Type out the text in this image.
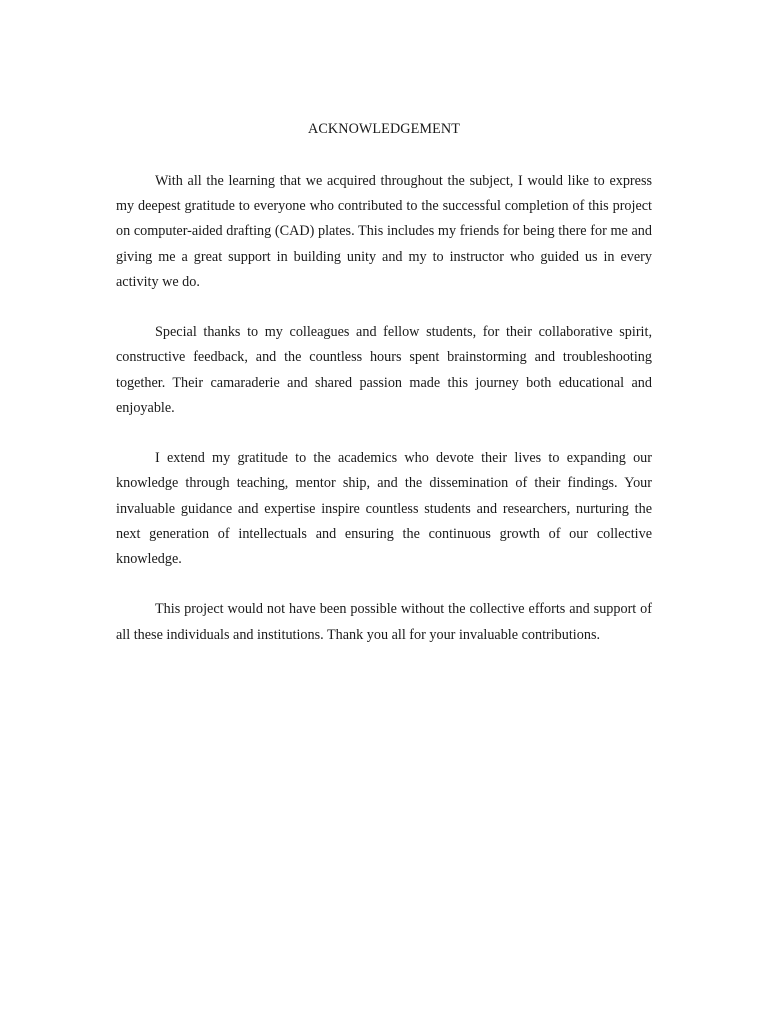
ACKNOWLEDGEMENT

With all the learning that we acquired throughout the subject, I would like to express my deepest gratitude to everyone who contributed to the successful completion of this project on computer-aided drafting (CAD) plates. This includes my friends for being there for me and giving me a great support in building unity and my to instructor who guided us in every activity we do.

Special thanks to my colleagues and fellow students, for their collaborative spirit, constructive feedback, and the countless hours spent brainstorming and troubleshooting together. Their camaraderie and shared passion made this journey both educational and enjoyable.

I extend my gratitude to the academics who devote their lives to expanding our knowledge through teaching, mentor ship, and the dissemination of their findings. Your invaluable guidance and expertise inspire countless students and researchers, nurturing the next generation of intellectuals and ensuring the continuous growth of our collective knowledge.

This project would not have been possible without the collective efforts and support of all these individuals and institutions. Thank you all for your invaluable contributions.
